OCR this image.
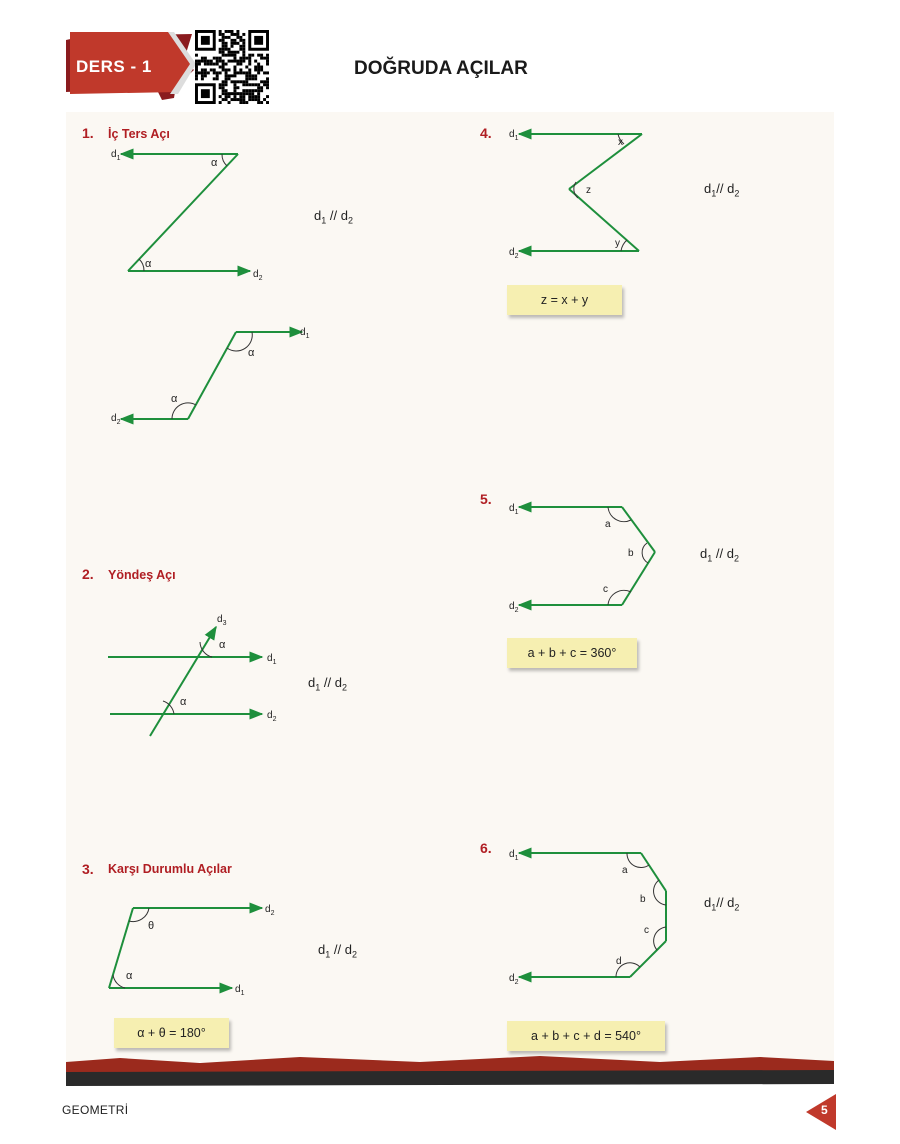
DERS - 1	DOĞRUDA AÇILAR
1. İç Ters Açı
2. Yöndeş Açı
3. Karşı Durumlu Açılar
4.
5.
6.
$d_1 // d_2$
$d_1 // d_2$
$d_1 // d_2$
$d_1//$ $d_2$
$d_1 // d_2$
$d_1//$ $d_2$
α + θ = 180°
z = x + y
a + b + c = 360°
a + b + c + d = 540°
$d_1$
$d_2$
α
α
$d_1$
$d_2$
α
α
$d_3$
$d_1$
$d_2$
α
α
$d_2$
$d_1$
θ
α
$d_1$
$d_2$
x
z
y
$d_1$
$d_2$
a
b
c
$d_1$
$d_2$
a
b
c
d
GEOMETRİ	5
